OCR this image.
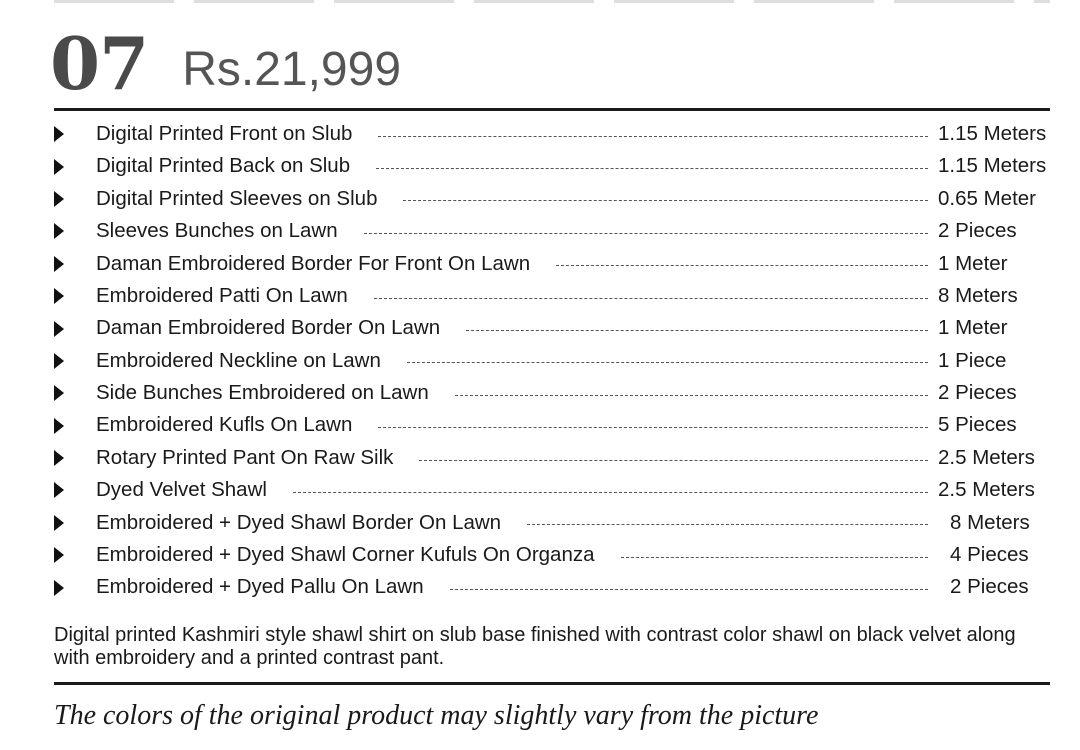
07 Rs.21,999
Digital Printed Front on Slub	1.15 Meters
Digital Printed Back on Slub	1.15 Meters
Digital Printed Sleeves on Slub	0.65 Meter
Sleeves Bunches on Lawn	2 Pieces
Daman Embroidered Border For Front On Lawn	1 Meter
Embroidered Patti On Lawn	8 Meters
Daman Embroidered Border On Lawn	1 Meter
Embroidered Neckline on Lawn	1 Piece
Side Bunches Embroidered on Lawn	2 Pieces
Embroidered Kufls On Lawn	5 Pieces
Rotary Printed Pant On Raw Silk	2.5 Meters
Dyed Velvet Shawl	2.5 Meters
Embroidered + Dyed Shawl Border On Lawn	8 Meters
Embroidered + Dyed Shawl Corner Kufuls On Organza	4 Pieces
Embroidered + Dyed Pallu On Lawn	2 Pieces

Digital printed Kashmiri style shawl shirt on slub base finished with contrast color shawl on black velvet along with embroidery and a printed contrast pant.

The colors of the original product may slightly vary from the picture
